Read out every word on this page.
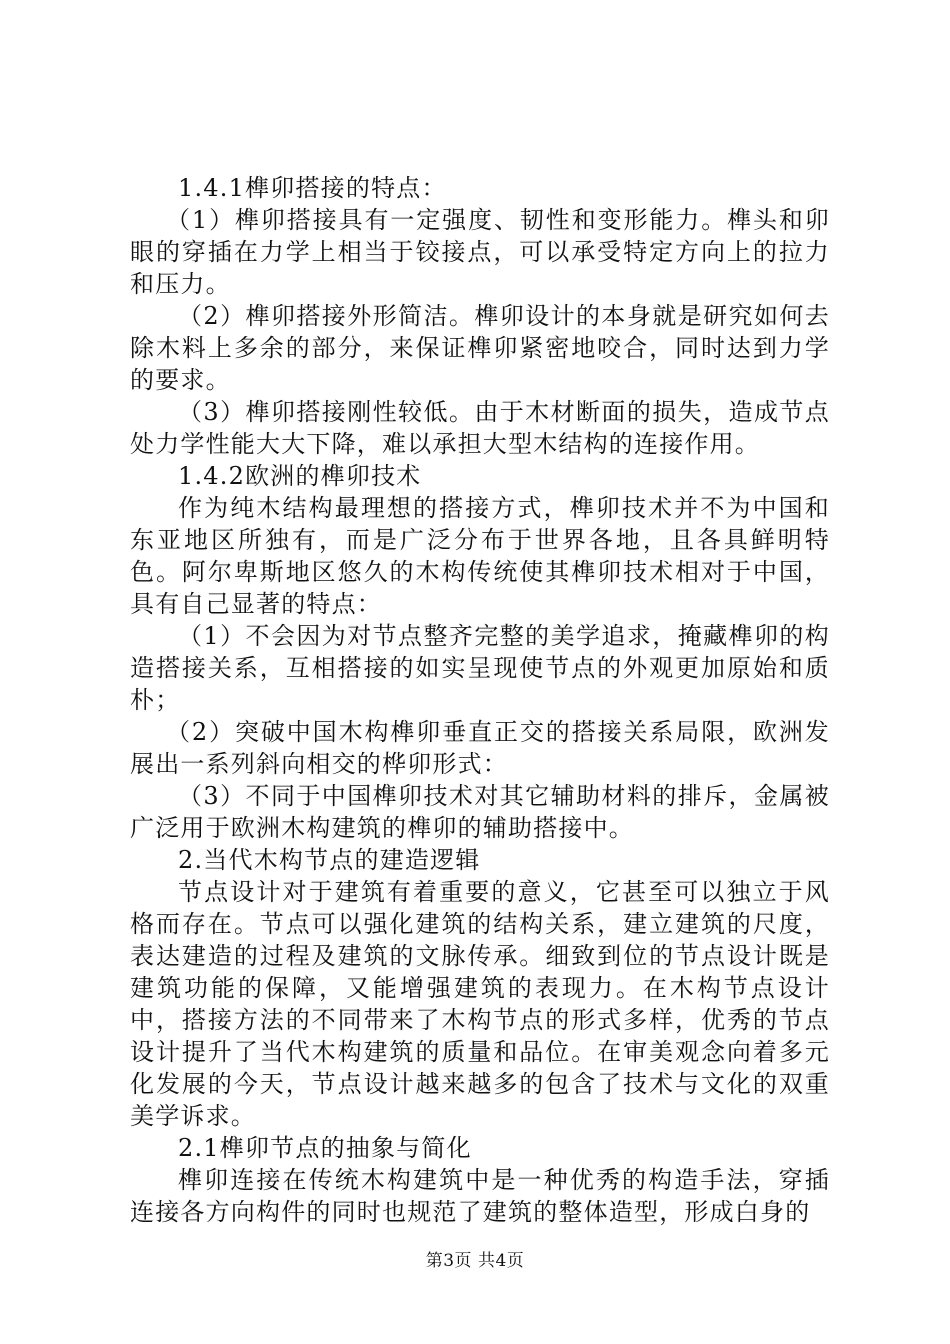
1.4.1榫卯搭接的特点：

（1）榫卯搭接具有一定强度、韧性和变形能力。榫头和卯眼的穿插在力学上相当于铰接点，可以承受特定方向上的拉力和压力。

（2）榫卯搭接外形简洁。榫卯设计的本身就是研究如何去除木料上多余的部分，来保证榫卯紧密地咬合，同时达到力学的要求。

（3）榫卯搭接刚性较低。由于木材断面的损失，造成节点处力学性能大大下降，难以承担大型木结构的连接作用。

1.4.2欧洲的榫卯技术

作为纯木结构最理想的搭接方式，榫卯技术并不为中国和东亚地区所独有，而是广泛分布于世界各地，且各具鲜明特色。阿尔卑斯地区悠久的木构传统使其榫卯技术相对于中国，具有自己显著的特点：

（1）不会因为对节点整齐完整的美学追求，掩藏榫卯的构造搭接关系，互相搭接的如实呈现使节点的外观更加原始和质朴；

（2）突破中国木构榫卯垂直正交的搭接关系局限，欧洲发展出一系列斜向相交的桦卯形式：

（3）不同于中国榫卯技术对其它辅助材料的排斥，金属被广泛用于欧洲木构建筑的榫卯的辅助搭接中。

2.当代木构节点的建造逻辑

节点设计对于建筑有着重要的意义，它甚至可以独立于风格而存在。节点可以强化建筑的结构关系，建立建筑的尺度，表达建造的过程及建筑的文脉传承。细致到位的节点设计既是建筑功能的保障，又能增强建筑的表现力。在木构节点设计中，搭接方法的不同带来了木构节点的形式多样，优秀的节点设计提升了当代木构建筑的质量和品位。在审美观念向着多元化发展的今天，节点设计越来越多的包含了技术与文化的双重美学诉求。

2.1榫卯节点的抽象与简化

榫卯连接在传统木构建筑中是一种优秀的构造手法，穿插连接各方向构件的同时也规范了建筑的整体造型，形成白身的

第3页 共4页
